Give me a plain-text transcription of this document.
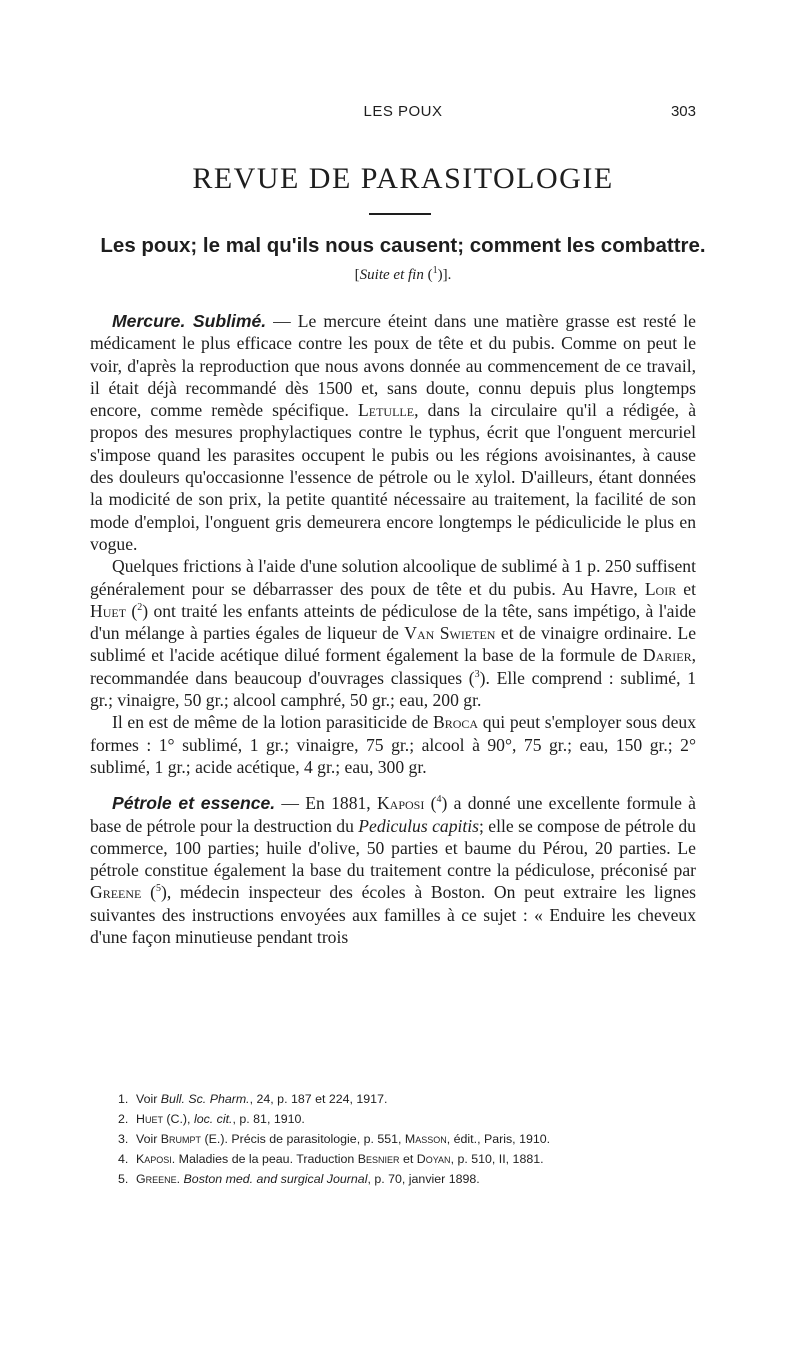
LES POUX	303
REVUE DE PARASITOLOGIE
Les poux; le mal qu'ils nous causent; comment les combattre.
[Suite et fin ($^1$)].

Mercure. Sublimé. — Le mercure éteint dans une matière grasse est resté le médicament le plus efficace contre les poux de tête et du pubis. Comme on peut le voir, d'après la reproduction que nous avons donnée au commencement de ce travail, il était déjà recommandé dès 1500 et, sans doute, connu depuis plus longtemps encore, comme remède spécifique. Letulle, dans la circulaire qu'il a rédigée, à propos des mesures prophylactiques contre le typhus, écrit que l'onguent mercuriel s'impose quand les parasites occupent le pubis ou les régions avoisinantes, à cause des douleurs qu'occasionne l'essence de pétrole ou le xylol. D'ailleurs, étant données la modicité de son prix, la petite quantité nécessaire au traitement, la facilité de son mode d'emploi, l'onguent gris demeurera encore longtemps le pédiculicide le plus en vogue.

Quelques frictions à l'aide d'une solution alcoolique de sublimé à 1 p. 250 suffisent généralement pour se débarrasser des poux de tête et du pubis. Au Havre, Loir et Huet ($^2$) ont traité les enfants atteints de pédiculose de la tête, sans impétigo, à l'aide d'un mélange à parties égales de liqueur de Van Swieten et de vinaigre ordinaire. Le sublimé et l'acide acétique dilué forment également la base de la formule de Darier, recommandée dans beaucoup d'ouvrages classiques ($^3$). Elle comprend : sublimé, 1 gr.; vinaigre, 50 gr.; alcool camphré, 50 gr.; eau, 200 gr.

Il en est de même de la lotion parasiticide de Broca qui peut s'employer sous deux formes : 1° sublimé, 1 gr.; vinaigre, 75 gr.; alcool à 90°, 75 gr.; eau, 150 gr.; 2° sublimé, 1 gr.; acide acétique, 4 gr.; eau, 300 gr.

Pétrole et essence. — En 1881, Kaposi ($^4$) a donné une excellente formule à base de pétrole pour la destruction du Pediculus capitis; elle se compose de pétrole du commerce, 100 parties; huile d'olive, 50 parties et baume du Pérou, 20 parties. Le pétrole constitue également la base du traitement contre la pédiculose, préconisé par Greene ($^5$), médecin inspecteur des écoles à Boston. On peut extraire les lignes suivantes des instructions envoyées aux familles à ce sujet : « Enduire les cheveux d'une façon minutieuse pendant trois

1. Voir Bull. Sc. Pharm., 24, p. 187 et 224, 1917.
2. Huet (C.), loc. cit., p. 81, 1910.
3. Voir Brumpt (E.). Précis de parasitologie, p. 551, Masson, édit., Paris, 1910.
4. Kaposi. Maladies de la peau. Traduction Besnier et Doyan, p. 510, II, 1881.
5. Greene. Boston med. and surgical Journal, p. 70, janvier 1898.
